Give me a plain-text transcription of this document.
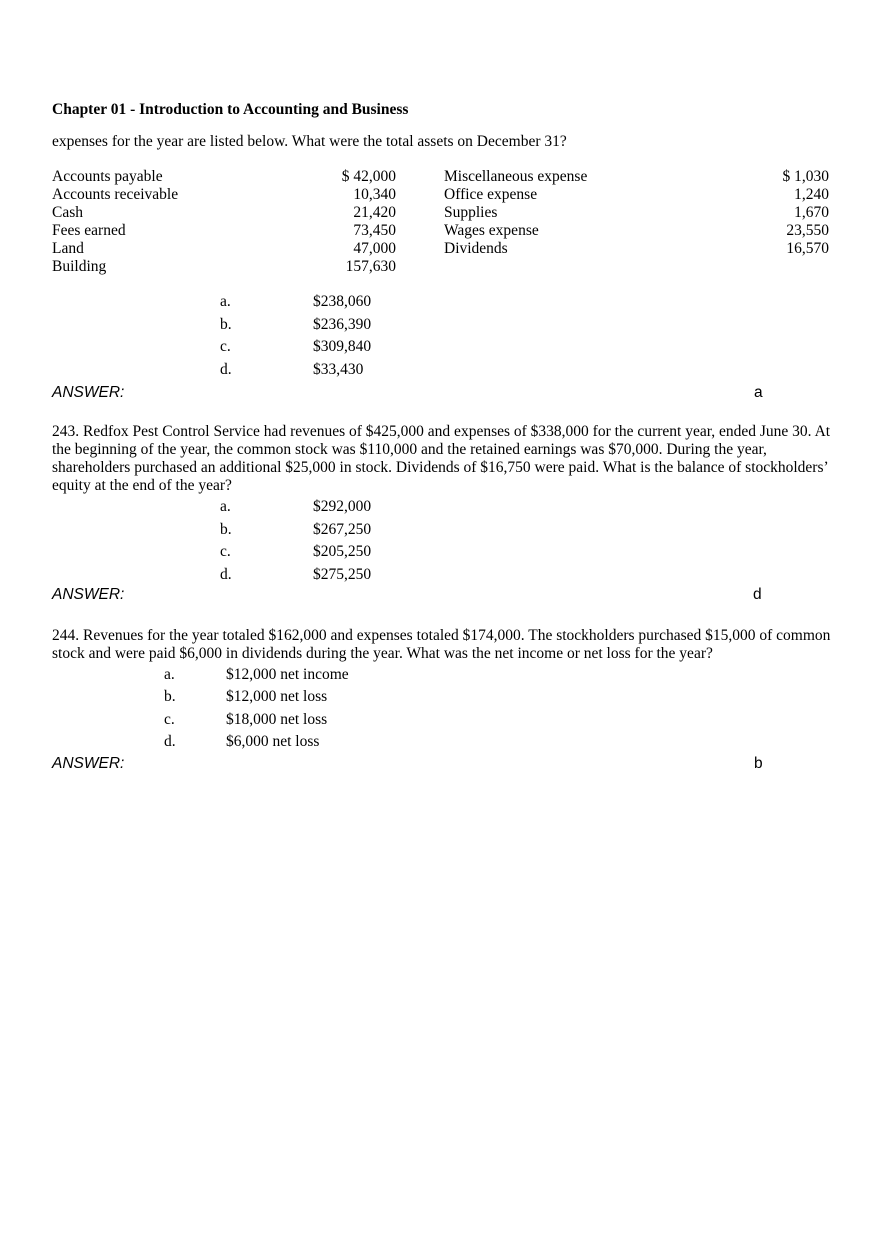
Chapter 01 - Introduction to Accounting and Business
expenses for the year are listed below. What were the total assets on December 31?
Accounts payable	$ 42,000
Accounts receivable	10,340
Cash	21,420
Fees earned	73,450
Land	47,000
Building	157,630
Miscellaneous expense	$ 1,030
Office expense	1,240
Supplies	1,670
Wages expense	23,550
Dividends	16,570
a.	$238,060
b.	$236,390
c.	$309,840
d.	$33,430
ANSWER:	a
243. Redfox Pest Control Service had revenues of $425,000 and expenses of $338,000 for the current year, ended June 30. At the beginning of the year, the common stock was $110,000 and the retained earnings was $70,000. During the year, shareholders purchased an additional $25,000 in stock. Dividends of $16,750 were paid. What is the balance of stockholders’ equity at the end of the year?
a.	$292,000
b.	$267,250
c.	$205,250
d.	$275,250
ANSWER:	d
244. Revenues for the year totaled $162,000 and expenses totaled $174,000. The stockholders purchased $15,000 of common stock and were paid $6,000 in dividends during the year. What was the net income or net loss for the year?
a.	$12,000 net income
b.	$12,000 net loss
c.	$18,000 net loss
d.	$6,000 net loss
ANSWER:	b
